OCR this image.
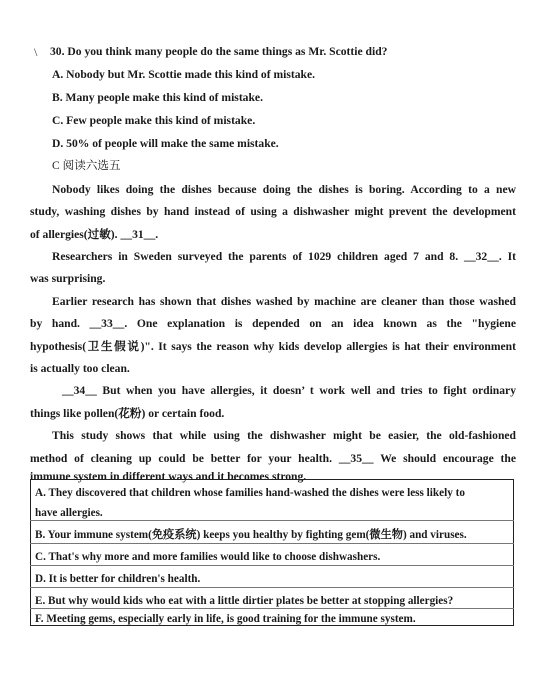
\ 30. Do you think many people do the same things as Mr. Scottie did?
A. Nobody but Mr. Scottie made this kind of mistake.
B. Many people make this kind of mistake.
C. Few people make this kind of mistake.
D. 50% of people will make the same mistake.
C 阅读六选五
Nobody likes doing the dishes because doing the dishes is boring. According to a new
study, washing dishes by hand instead of using a dishwasher might prevent the development
of allergies(过敏). __31__.
Researchers in Sweden surveyed the parents of 1029 children aged 7 and 8. __32__. It
was surprising.
Earlier research has shown that dishes washed by machine are cleaner than those washed
by hand. __33__. One explanation is depended on an idea known as the "hygiene
hypothesis(卫生假说)". It says the reason why kids develop allergies is hat their environment
is actually too clean.
__34__ But when you have allergies, it doesn’ t work well and tries to fight ordinary
things like pollen(花粉) or certain food.
This study shows that while using the dishwasher might be easier, the old-fashioned
method of cleaning up could be better for your health. __35__ We should encourage the
immune system in different ways and it becomes strong.
A. They discovered that children whose families hand-washed the dishes were less likely to
have allergies.
B. Your immune system(免疫系统) keeps you healthy by fighting gem(微生物) and viruses.
C. That's why more and more families would like to choose dishwashers.
D. It is better for children's health.
E. But why would kids who eat with a little dirtier plates be better at stopping allergies?
F. Meeting gems, especially early in life, is good training for the immune system.
